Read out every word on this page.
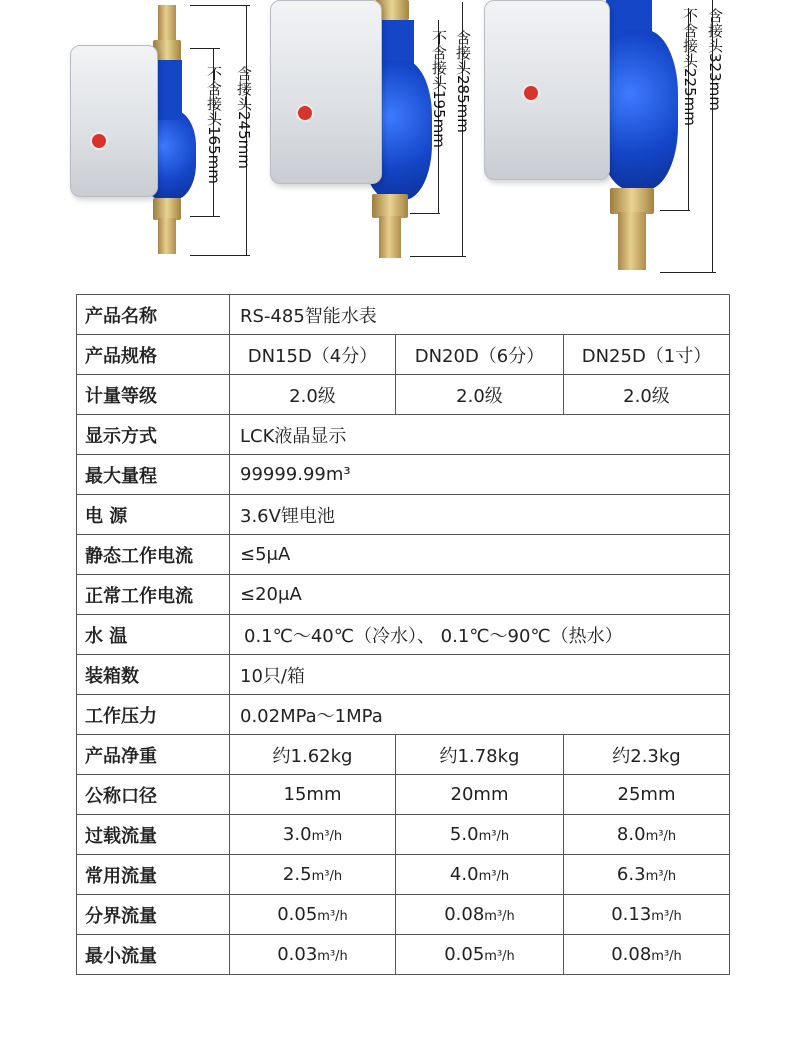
不含接头165mm 含接头245mm	不含接头195mm 含接头285mm	不含接头225mm 含接头323mm
产品名称	RS-485智能水表		
产品规格	DN15D（4分）	DN20D（6分）	DN25D（1寸）
计量等级	2.0级	2.0级	2.0级
显示方式	LCK液晶显示		
最大量程	99999.99m³		
电 源	3.6V锂电池		
静态工作电流	≤5μA		
正常工作电流	≤20μA		
水 温	0.1℃～40℃（冷水）、 0.1℃～90℃（热水）		
装箱数	10只/箱		
工作压力	0.02MPa～1MPa		
产品净重	约1.62kg	约1.78kg	约2.3kg
公称口径	15mm	20mm	25mm
过载流量	3.0m³/h	5.0m³/h	8.0m³/h
常用流量	2.5m³/h	4.0m³/h	6.3m³/h
分界流量	0.05m³/h	0.08m³/h	0.13m³/h
最小流量	0.03m³/h	0.05m³/h	0.08m³/h
